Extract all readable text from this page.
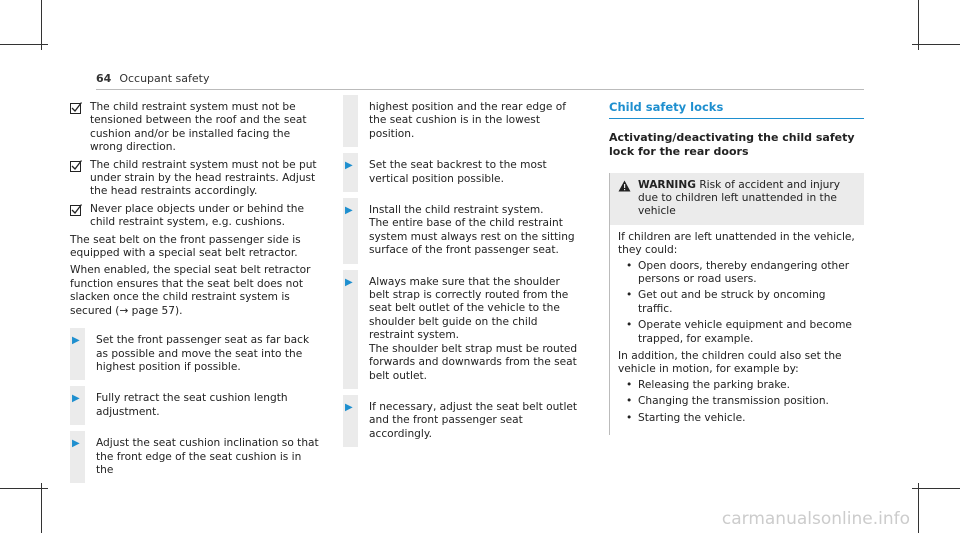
64 Occupant safety
The child restraint system must not be tensioned between the roof and the seat cushion and/or be installed facing the wrong direction.
The child restraint system must not be put under strain by the head restraints. Adjust the head restraints accordingly.
Never place objects under or behind the child restraint system, e.g. cushions.
The seat belt on the front passenger side is equipped with a special seat belt retractor.
When enabled, the special seat belt retractor function ensures that the seat belt does not slacken once the child restraint system is secured (→ page 57).
▶ Set the front passenger seat as far back as possible and move the seat into the highest position if possible.
▶ Fully retract the seat cushion length adjustment.
▶ Adjust the seat cushion inclination so that the front edge of the seat cushion is in the
highest position and the rear edge of the seat cushion is in the lowest position.
▶ Set the seat backrest to the most vertical position possible.
▶ Install the child restraint system.
The entire base of the child restraint system must always rest on the sitting surface of the front passenger seat.
▶ Always make sure that the shoulder belt strap is correctly routed from the seat belt outlet of the vehicle to the shoulder belt guide on the child restraint system.
The shoulder belt strap must be routed forwards and downwards from the seat belt outlet.
▶ If necessary, adjust the seat belt outlet and the front passenger seat accordingly.
Child safety locks
Activating/deactivating the child safety lock for the rear doors
WARNING Risk of accident and injury due to children left unattended in the vehicle
If children are left unattended in the vehicle, they could:
• Open doors, thereby endangering other persons or road users.
• Get out and be struck by oncoming traffic.
• Operate vehicle equipment and become trapped, for example.
In addition, the children could also set the vehicle in motion, for example by:
• Releasing the parking brake.
• Changing the transmission position.
• Starting the vehicle.
carmanualsonline.info
